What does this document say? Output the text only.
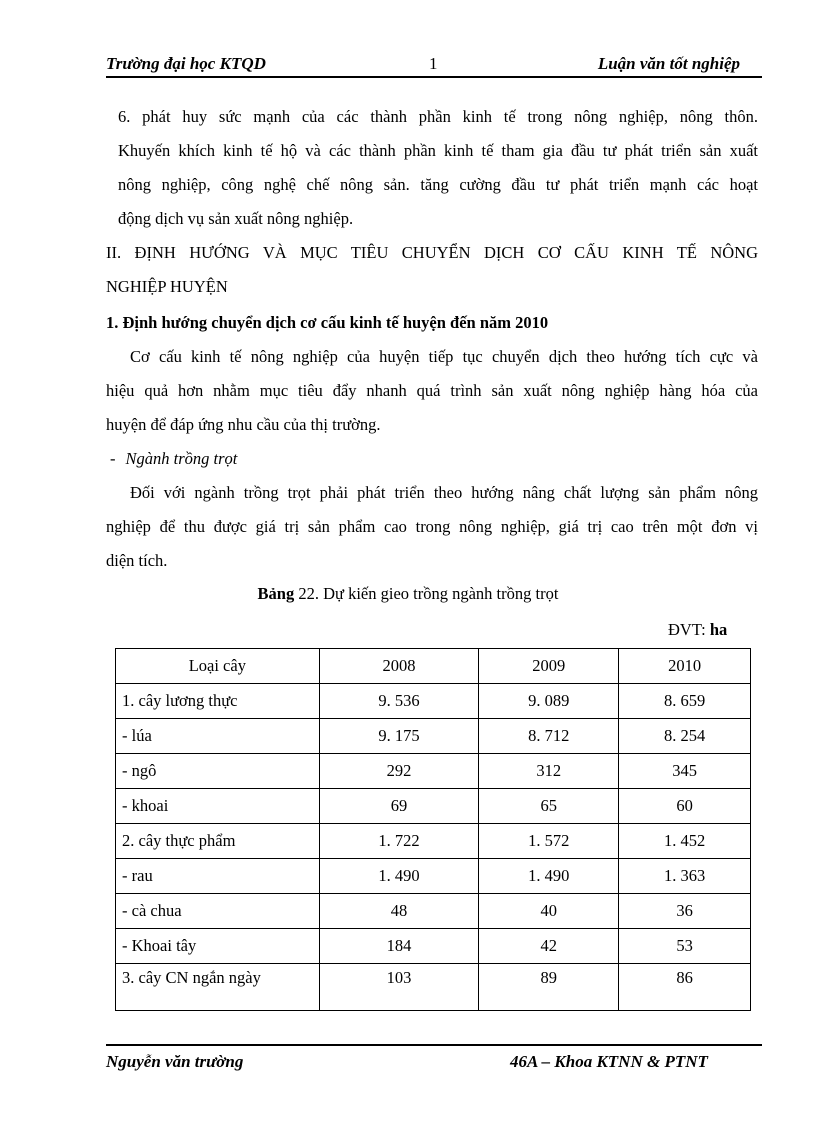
Trường đại học KTQD	1	Luận văn tốt nghiệp
6. phát huy sức mạnh của các thành phần kinh tế trong nông nghiệp, nông thôn.
Khuyến khích kinh tế hộ và các thành phần kinh tế tham gia đầu tư phát triển sản xuất
nông nghiệp, công nghệ chế nông sản. tăng cường đầu tư phát triển mạnh các hoạt
động dịch vụ sản xuất nông nghiệp.
II. ĐỊNH HƯỚNG VÀ MỤC TIÊU CHUYỂN DỊCH CƠ CẤU KINH TẾ NÔNG
NGHIỆP HUYỆN
1. Định hướng chuyển dịch cơ cấu kinh tế huyện đến năm 2010
Cơ cấu kinh tế nông nghiệp của huyện tiếp tục chuyển dịch theo hướng tích cực và
hiệu quả hơn nhằm mục tiêu đẩy nhanh quá trình sản xuất nông nghiệp hàng hóa của
huyện để đáp ứng nhu cầu của thị trường.
- Ngành trồng trọt
Đối với ngành trồng trọt phải phát triển theo hướng nâng chất lượng sản phẩm nông
nghiệp để thu được giá trị sản phẩm cao trong nông nghiệp, giá trị cao trên một đơn vị
diện tích.
Bảng 22. Dự kiến gieo trồng ngành trồng trọt
ĐVT: ha
Loại cây	2008	2009	2010
1. cây lương thực	9. 536	9. 089	8. 659
- lúa	9. 175	8. 712	8. 254
- ngô	292	312	345
- khoai	69	65	60
2. cây thực phẩm	1. 722	1. 572	1. 452
- rau	1. 490	1. 490	1. 363
- cà chua	48	40	36
- Khoai tây	184	42	53
3. cây CN ngắn ngày	103	89	86
Nguyễn văn trường	46A – Khoa KTNN & PTNT
